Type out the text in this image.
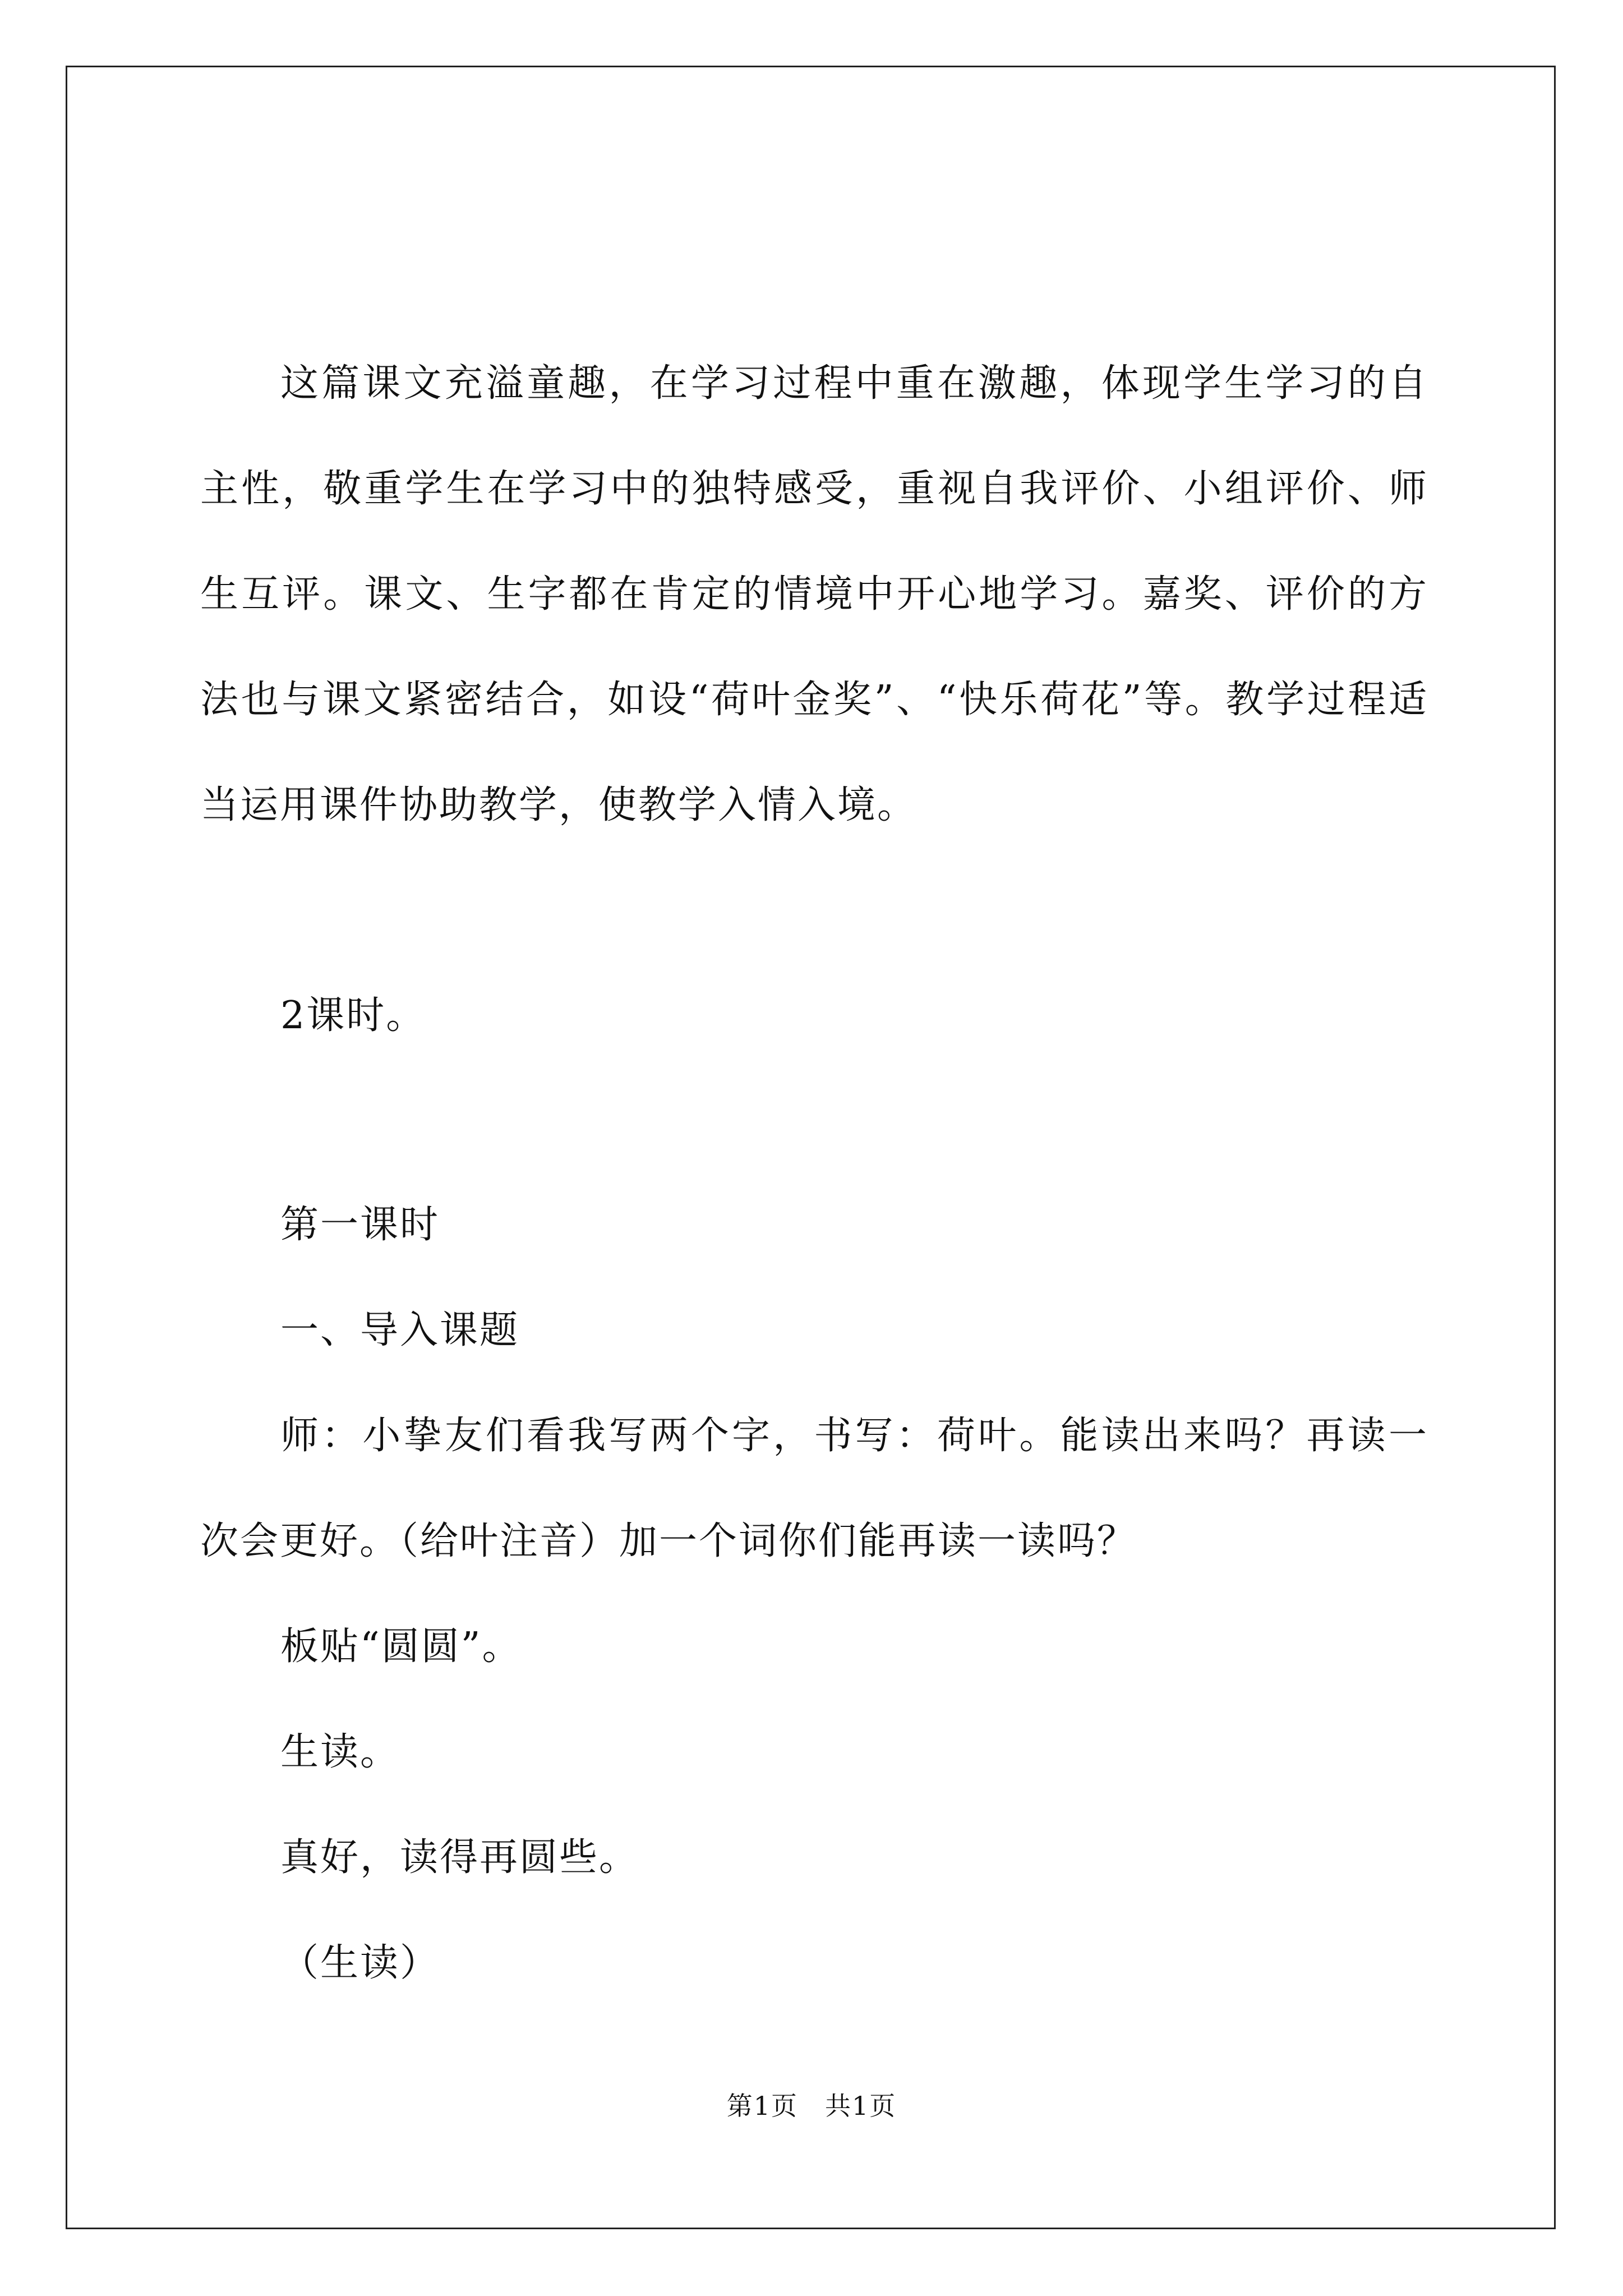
这篇课文充溢童趣，在学习过程中重在激趣，体现学生学习的自主性，敬重学生在学习中的独特感受，重视自我评价、小组评价、师生互评。课文、生字都在肯定的情境中开心地学习。嘉奖、评价的方法也与课文紧密结合，如设“荷叶金奖”、“快乐荷花”等。教学过程适当运用课件协助教学，使教学入情入境。

2课时。

第一课时

一、导入课题

师：小挚友们看我写两个字，书写：荷叶。能读出来吗？再读一次会更好。（给叶注音）加一个词你们能再读一读吗？

板贴“圆圆”。

生读。

真好，读得再圆些。

（生读）

第1页　共1页
